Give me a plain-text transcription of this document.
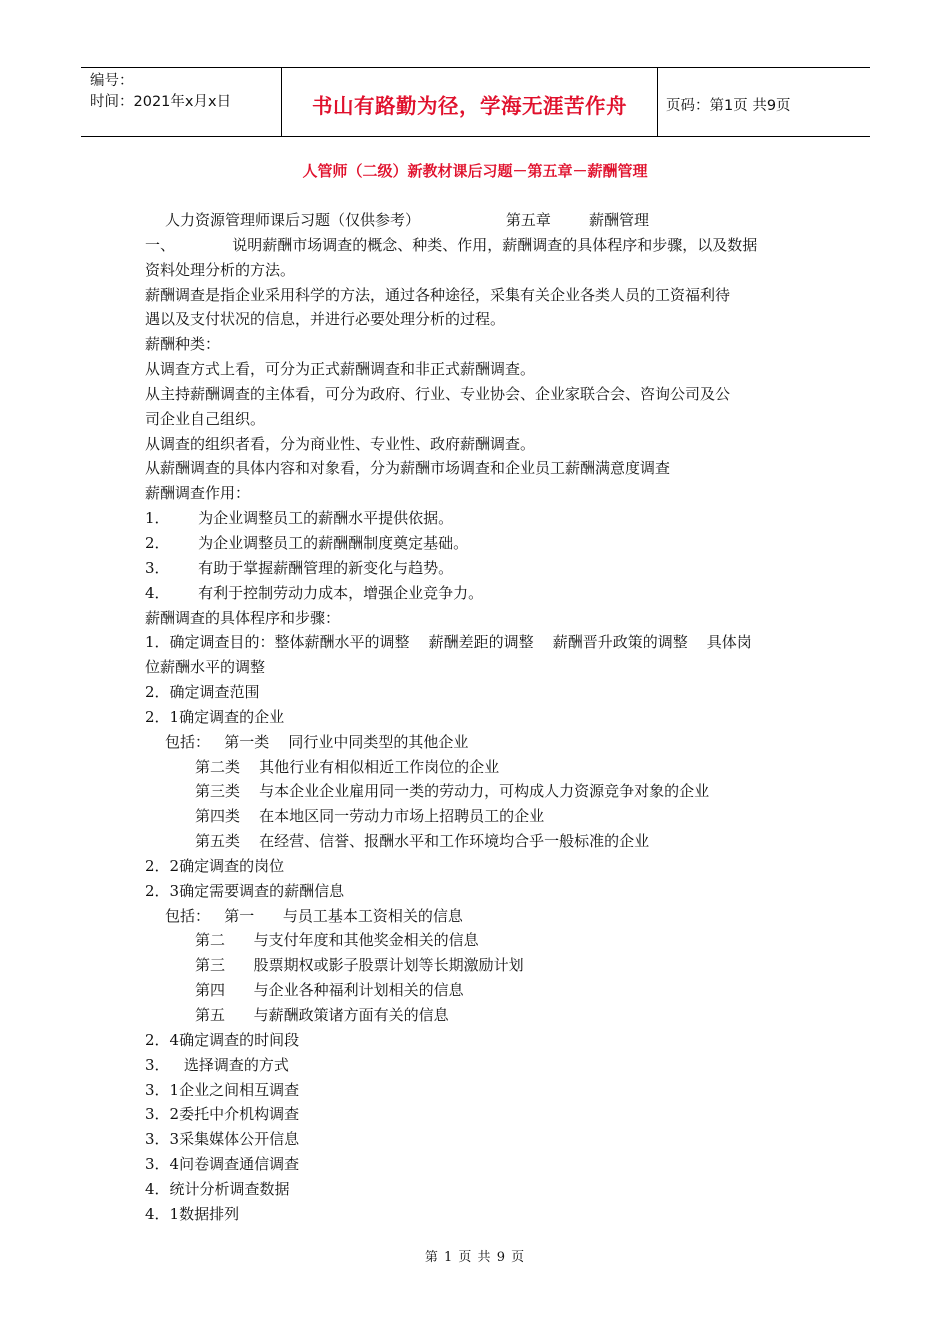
编号：
时间：2021年x月x日	书山有路勤为径，学海无涯苦作舟	页码：第1页 共9页
人管师（二级）新教材课后习题－第五章－薪酬管理
人力资源管理师课后习题（仅供参考）                  第五章        薪酬管理
一、            说明薪酬市场调查的概念、种类、作用，薪酬调查的具体程序和步骤，以及数据
资料处理分析的方法。
薪酬调查是指企业采用科学的方法，通过各种途径，采集有关企业各类人员的工资福利待
遇以及支付状况的信息，并进行必要处理分析的过程。
薪酬种类：
从调查方式上看，可分为正式薪酬调查和非正式薪酬调查。
从主持薪酬调查的主体看，可分为政府、行业、专业协会、企业家联合会、咨询公司及公
司企业自己组织。
从调查的组织者看，分为商业性、专业性、政府薪酬调查。
从薪酬调查的具体内容和对象看，分为薪酬市场调查和企业员工薪酬满意度调查
薪酬调查作用：
1．      为企业调整员工的薪酬水平提供依据。
2．      为企业调整员工的薪酬酬制度奠定基础。
3．      有助于掌握薪酬管理的新变化与趋势。
4．      有利于控制劳动力成本，增强企业竞争力。
薪酬调查的具体程序和步骤：
1．确定调查目的：整体薪酬水平的调整    薪酬差距的调整    薪酬晋升政策的调整    具体岗
位薪酬水平的调整
2．确定调查范围
2．1确定调查的企业
包括：   第一类    同行业中同类型的其他企业
第二类    其他行业有相似相近工作岗位的企业
第三类    与本企业企业雇用同一类的劳动力，可构成人力资源竞争对象的企业
第四类    在本地区同一劳动力市场上招聘员工的企业
第五类    在经营、信誉、报酬水平和工作环境均合乎一般标准的企业
2．2确定调查的岗位
2．3确定需要调查的薪酬信息
包括：   第一      与员工基本工资相关的信息
第二      与支付年度和其他奖金相关的信息
第三      股票期权或影子股票计划等长期激励计划
第四      与企业各种福利计划相关的信息
第五      与薪酬政策诸方面有关的信息
2．4确定调查的时间段
3．   选择调查的方式
3．1企业之间相互调查
3．2委托中介机构调查
3．3采集媒体公开信息
3．4问卷调查通信调查
4．统计分析调查数据
4．1数据排列
第 1 页 共 9 页
